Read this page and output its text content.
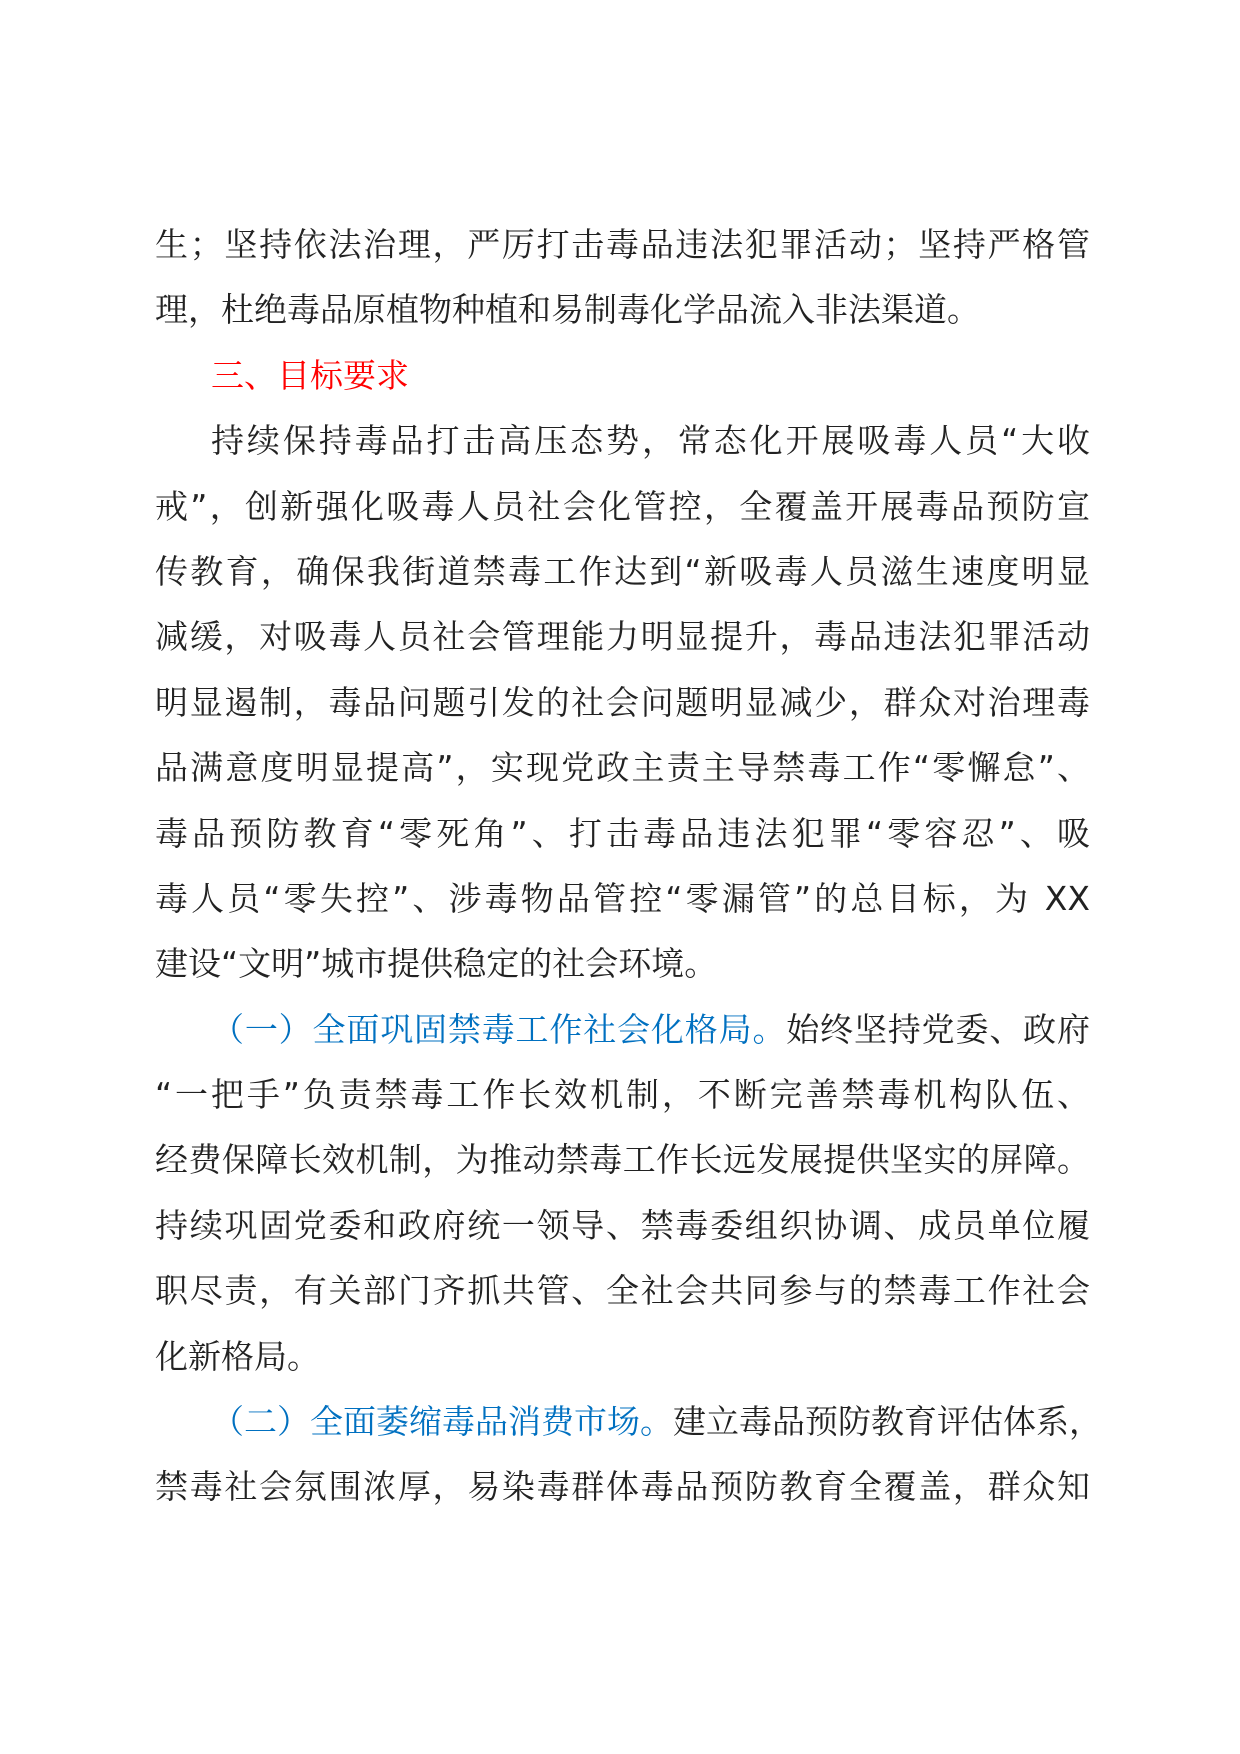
生；坚持依法治理，严厉打击毒品违法犯罪活动；坚持严格管
理，杜绝毒品原植物种植和易制毒化学品流入非法渠道。
三、目标要求
持续保持毒品打击高压态势，常态化开展吸毒人员“大收
戒”，创新强化吸毒人员社会化管控，全覆盖开展毒品预防宣
传教育，确保我街道禁毒工作达到“新吸毒人员滋生速度明显
减缓，对吸毒人员社会管理能力明显提升，毒品违法犯罪活动
明显遏制，毒品问题引发的社会问题明显减少，群众对治理毒
品满意度明显提高”，实现党政主责主导禁毒工作“零懈怠”、
毒品预防教育“零死角”、打击毒品违法犯罪“零容忍”、吸
毒人员“零失控”、涉毒物品管控“零漏管”的总目标，为 XX
建设“文明”城市提供稳定的社会环境。
（一）全面巩固禁毒工作社会化格局。始终坚持党委、政府
“一把手”负责禁毒工作长效机制，不断完善禁毒机构队伍、
经费保障长效机制，为推动禁毒工作长远发展提供坚实的屏障。
持续巩固党委和政府统一领导、禁毒委组织协调、成员单位履
职尽责，有关部门齐抓共管、全社会共同参与的禁毒工作社会
化新格局。
（二）全面萎缩毒品消费市场。建立毒品预防教育评估体系，
禁毒社会氛围浓厚，易染毒群体毒品预防教育全覆盖，群众知
